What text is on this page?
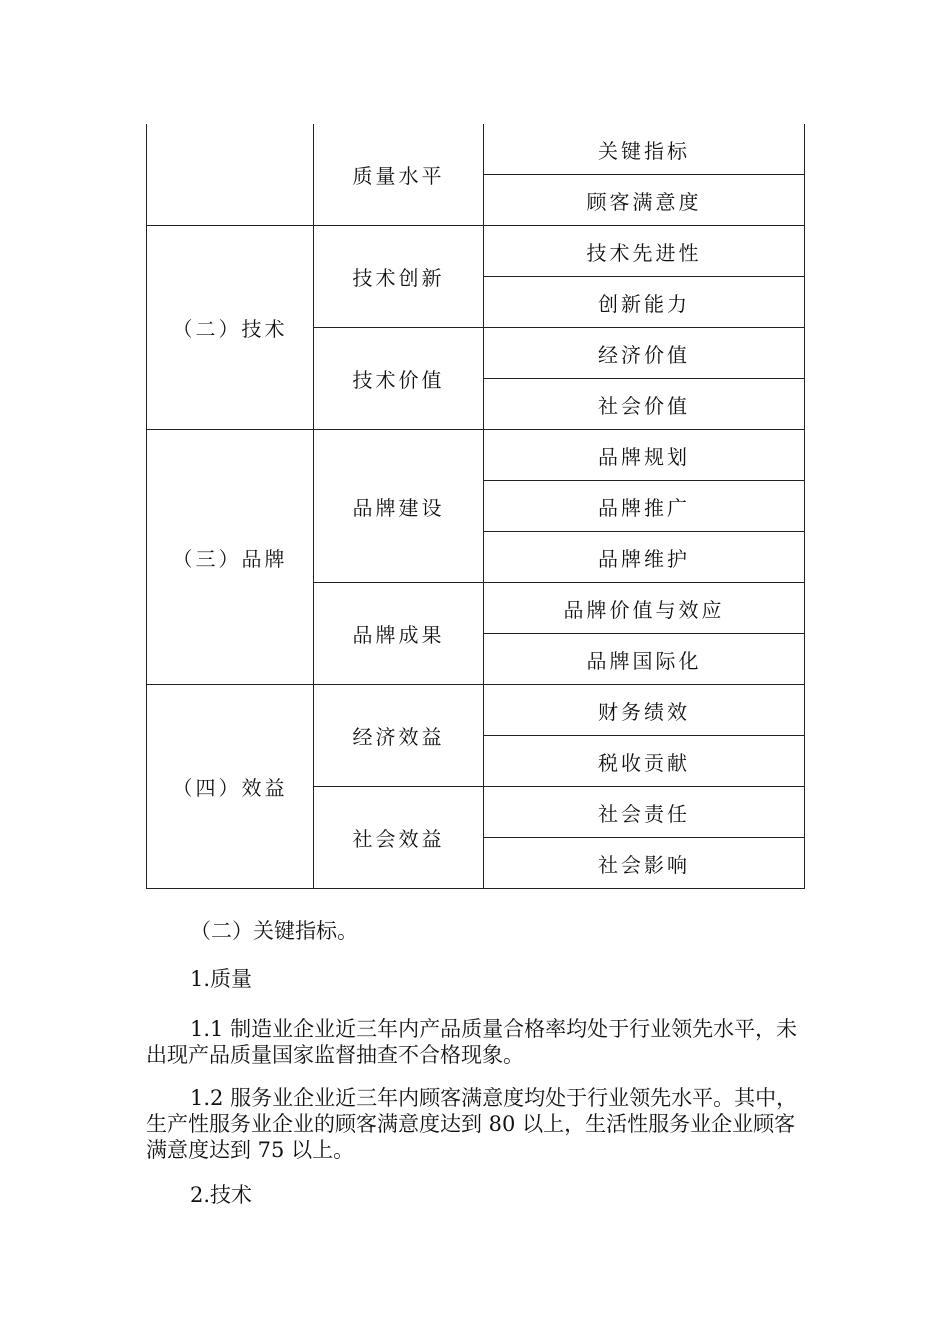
	质量水平	关键指标
		顾客满意度
（二）技术	技术创新	技术先进性
		创新能力
	技术价值	经济价值
		社会价值
（三）品牌	品牌建设	品牌规划
		品牌推广
		品牌维护
	品牌成果	品牌价值与效应
		品牌国际化
（四）效益	经济效益	财务绩效
		税收贡献
	社会效益	社会责任
		社会影响
（二）关键指标。
1.质量
1.1 制造业企业近三年内产品质量合格率均处于行业领先水平，未出现产品质量国家监督抽查不合格现象。
1.2 服务业企业近三年内顾客满意度均处于行业领先水平。其中，生产性服务业企业的顾客满意度达到 80 以上，生活性服务业企业顾客满意度达到 75 以上。
2.技术
